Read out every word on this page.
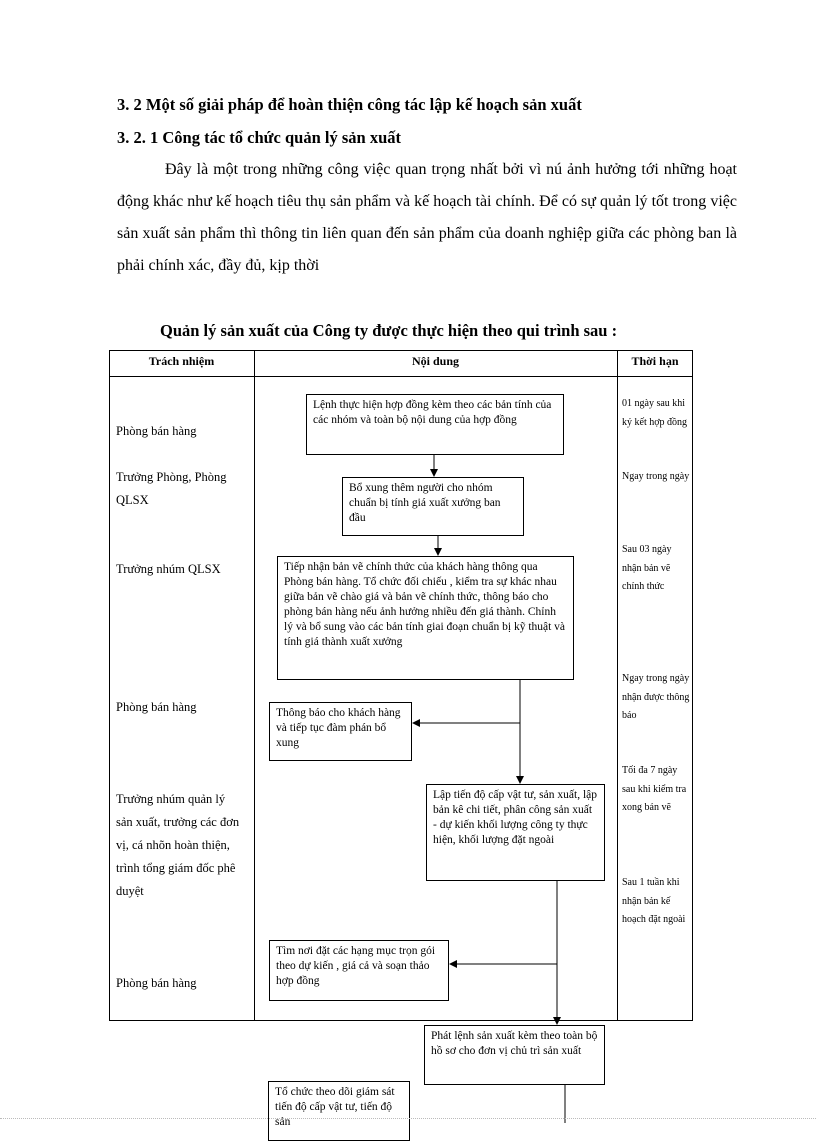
3. 2 Một số giải pháp để hoàn thiện công tác lập kế hoạch sản xuất
3. 2. 1 Công tác tổ chức quản lý sản xuất
Đây là một trong những công việc quan trọng nhất bởi vì nú ảnh hưởng tới những hoạt động khác như kế hoạch tiêu thụ sản phẩm và kế hoạch tài chính. Để có sự quản lý tốt trong việc sản xuất sản phẩm thì thông tin liên quan đến sản phẩm của doanh nghiệp giữa các phòng ban là phải chính xác, đầy đủ, kịp thời
Quản lý sản xuất của Công ty được thực hiện theo qui trình sau :
Trách nhiệm	Nội dung	Thời hạn
Phòng bán hàng
Trưởng Phòng, Phòng QLSX
Trưởng nhúm QLSX
Phòng bán hàng
Trưởng nhúm quản lý sản xuất, trưởng các đơn vị, cá nhõn hoàn thiện, trình tổng giám đốc phê duyệt
Phòng bán hàng
Lệnh thực hiện hợp đồng kèm theo các bản tính của các nhóm và toàn bộ nội dung của hợp đồng
Bổ xung thêm người cho nhóm chuẩn bị tính giá xuất xưởng ban đầu
Tiếp nhận bản vẽ chính thức của khách hàng thông qua Phòng bán hàng. Tổ chức đối chiếu , kiểm tra sự khác nhau giữa bản vẽ chào giá và bản vẽ chính thức, thông báo cho phòng bán hàng nếu ảnh hưởng nhiều đến giá thành. Chỉnh lý và bổ sung vào các bản tính giai đoạn chuẩn bị kỹ thuật và tính giá thành xuất xưởng
Thông báo cho khách hàng và tiếp tục đàm phán bổ xung
Lập tiến độ cấp vật tư, sản xuất, lập bản kê chi tiết, phân công sản xuất - dự kiến khối lượng công ty thực hiện, khối lượng đặt ngoài
Tìm nơi đặt các hạng mục trọn gói theo dự kiến , giá cả và soạn thảo hợp đồng
Phát lệnh sản xuất kèm theo toàn bộ hồ sơ cho đơn vị chủ trì sản xuất
Tổ chức theo dõi giám sát tiến độ cấp vật tư, tiến độ sản
01 ngày sau khi ký kết hợp đồng
Ngay trong ngày
Sau 03 ngày nhận bản vẽ chính thức
Ngay trong ngày nhận được thông báo
Tối đa 7 ngày sau khi kiểm tra xong bản vẽ
Sau 1 tuần khi nhận bản kế hoạch đặt ngoài
